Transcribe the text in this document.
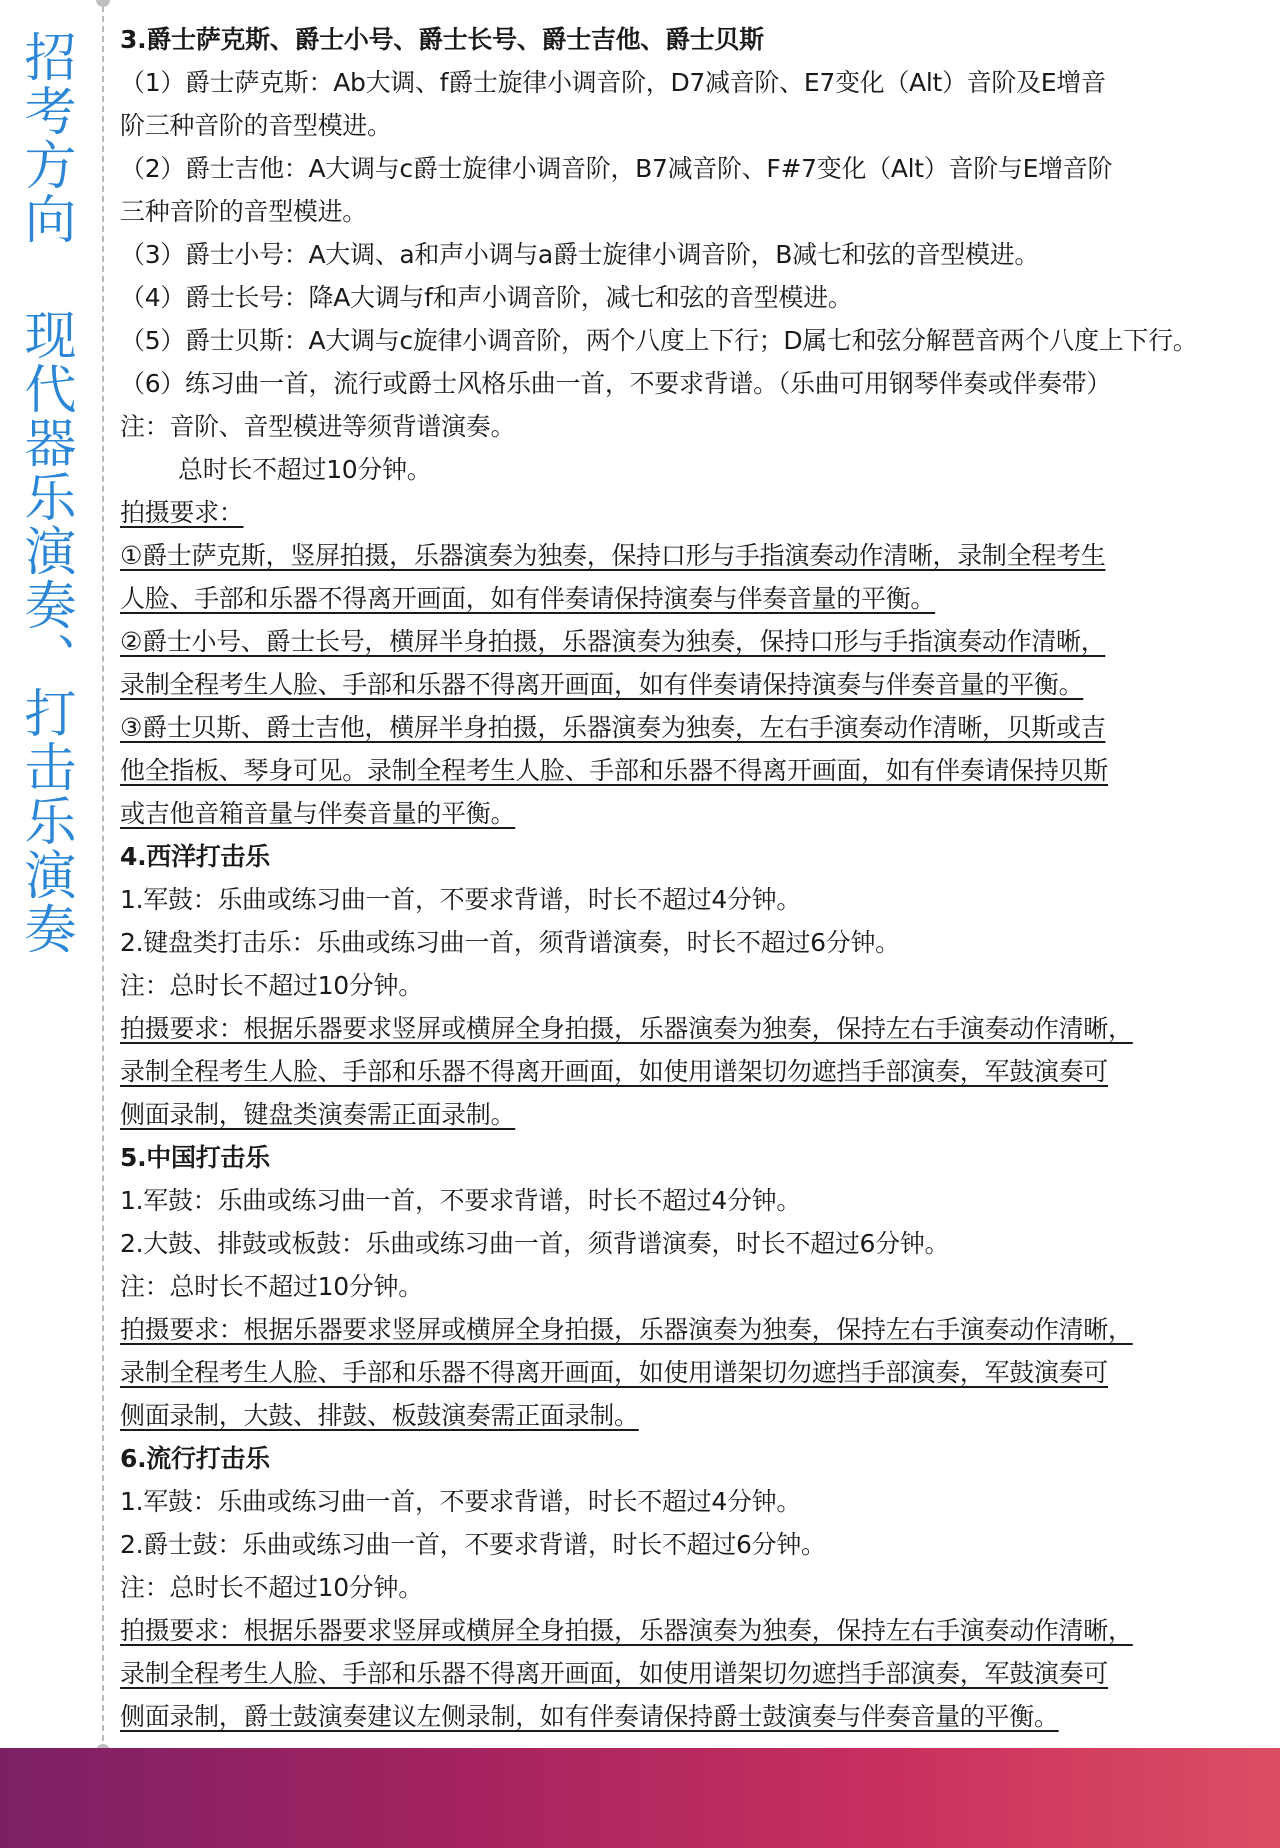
招考方向 现代器乐演奏、打击乐演奏 3.爵士萨克斯、爵士小号、爵士长号、爵士吉他、爵士贝斯
（1）爵士萨克斯：Ab大调、f爵士旋律小调音阶，D7减音阶、E7变化（Alt）音阶及E增音
阶三种音阶的音型模进。
（2）爵士吉他：A大调与c爵士旋律小调音阶，B7减音阶、F#7变化（Alt）音阶与E增音阶
三种音阶的音型模进。
（3）爵士小号：A大调、a和声小调与a爵士旋律小调音阶，B减七和弦的音型模进。
（4）爵士长号：降A大调与f和声小调音阶，减七和弦的音型模进。
（5）爵士贝斯：A大调与c旋律小调音阶，两个八度上下行；D属七和弦分解琶音两个八度上下行。
（6）练习曲一首，流行或爵士风格乐曲一首，不要求背谱。（乐曲可用钢琴伴奏或伴奏带）
注：音阶、音型模进等须背谱演奏。
总时长不超过10分钟。
拍摄要求：
①爵士萨克斯，竖屏拍摄，乐器演奏为独奏，保持口形与手指演奏动作清晰，录制全程考生
人脸、手部和乐器不得离开画面，如有伴奏请保持演奏与伴奏音量的平衡。
②爵士小号、爵士长号，横屏半身拍摄，乐器演奏为独奏，保持口形与手指演奏动作清晰，
录制全程考生人脸、手部和乐器不得离开画面，如有伴奏请保持演奏与伴奏音量的平衡。
③爵士贝斯、爵士吉他，横屏半身拍摄，乐器演奏为独奏，左右手演奏动作清晰，贝斯或吉
他全指板、琴身可见。录制全程考生人脸、手部和乐器不得离开画面，如有伴奏请保持贝斯
或吉他音箱音量与伴奏音量的平衡。
4.西洋打击乐
1.军鼓：乐曲或练习曲一首，不要求背谱，时长不超过4分钟。
2.键盘类打击乐：乐曲或练习曲一首，须背谱演奏，时长不超过6分钟。
注：总时长不超过10分钟。
拍摄要求：根据乐器要求竖屏或横屏全身拍摄，乐器演奏为独奏，保持左右手演奏动作清晰，
录制全程考生人脸、手部和乐器不得离开画面，如使用谱架切勿遮挡手部演奏，军鼓演奏可
侧面录制，键盘类演奏需正面录制。
5.中国打击乐
1.军鼓：乐曲或练习曲一首，不要求背谱，时长不超过4分钟。
2.大鼓、排鼓或板鼓：乐曲或练习曲一首，须背谱演奏，时长不超过6分钟。
注：总时长不超过10分钟。
拍摄要求：根据乐器要求竖屏或横屏全身拍摄，乐器演奏为独奏，保持左右手演奏动作清晰，
录制全程考生人脸、手部和乐器不得离开画面，如使用谱架切勿遮挡手部演奏，军鼓演奏可
侧面录制，大鼓、排鼓、板鼓演奏需正面录制。
6.流行打击乐
1.军鼓：乐曲或练习曲一首，不要求背谱，时长不超过4分钟。
2.爵士鼓：乐曲或练习曲一首，不要求背谱，时长不超过6分钟。
注：总时长不超过10分钟。
拍摄要求：根据乐器要求竖屏或横屏全身拍摄，乐器演奏为独奏，保持左右手演奏动作清晰，
录制全程考生人脸、手部和乐器不得离开画面，如使用谱架切勿遮挡手部演奏，军鼓演奏可
侧面录制，爵士鼓演奏建议左侧录制，如有伴奏请保持爵士鼓演奏与伴奏音量的平衡。
